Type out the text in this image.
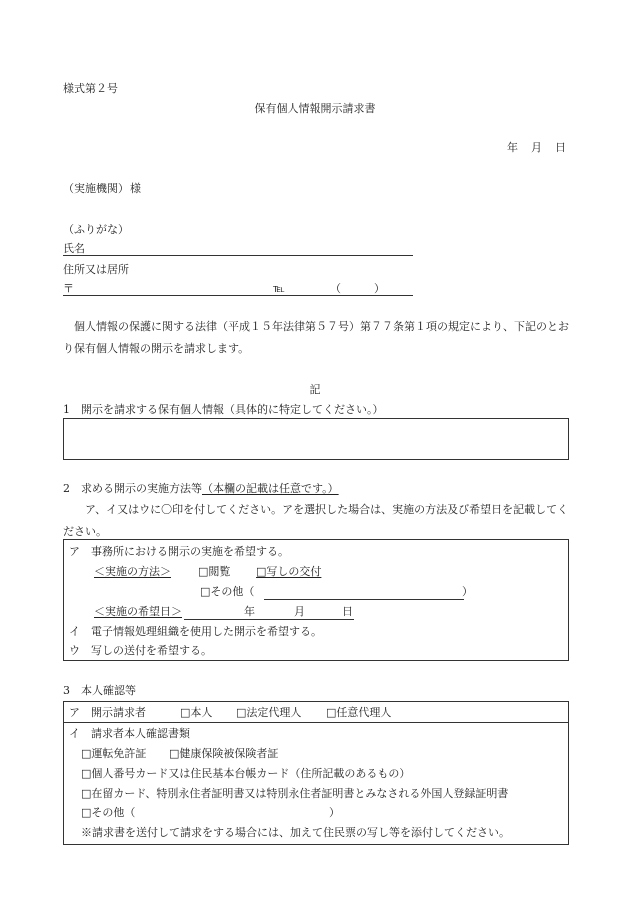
様式第２号
保有個人情報開示請求書
年 月 日
（実施機関） 様
（ふりがな）
氏名
住所又は居所
〒	℡	（　　　）
個人情報の保護に関する法律（平成１５年法律第５７号）第７７条第１項の規定により、下記のとおり保有個人情報の開示を請求します。
記
1　開示を請求する保有個人情報（具体的に特定してください。）
2　求める開示の実施方法等（本欄の記載は任意です。）
ア、イ又はウに〇印を付してください。アを選択した場合は、実施の方法及び希望日を記載してください。
ア　事務所における開示の実施を希望する。
＜実施の方法＞ □閲覧 □写しの交付
□その他（	）
＜実施の希望日＞	年	月	日
イ　電子情報処理組織を使用した開示を希望する。
ウ　写しの送付を希望する。
3　本人確認等
ア　開示請求者	□本人 □法定代理人 □任意代理人
イ　請求者本人確認書類
□運転免許証 □健康保険被保険者証
□個人番号カード又は住民基本台帳カード（住所記載のあるもの）
□在留カード、特別永住者証明書又は特別永住者証明書とみなされる外国人登録証明書
□その他（	）
※請求書を送付して請求をする場合には、加えて住民票の写し等を添付してください。
